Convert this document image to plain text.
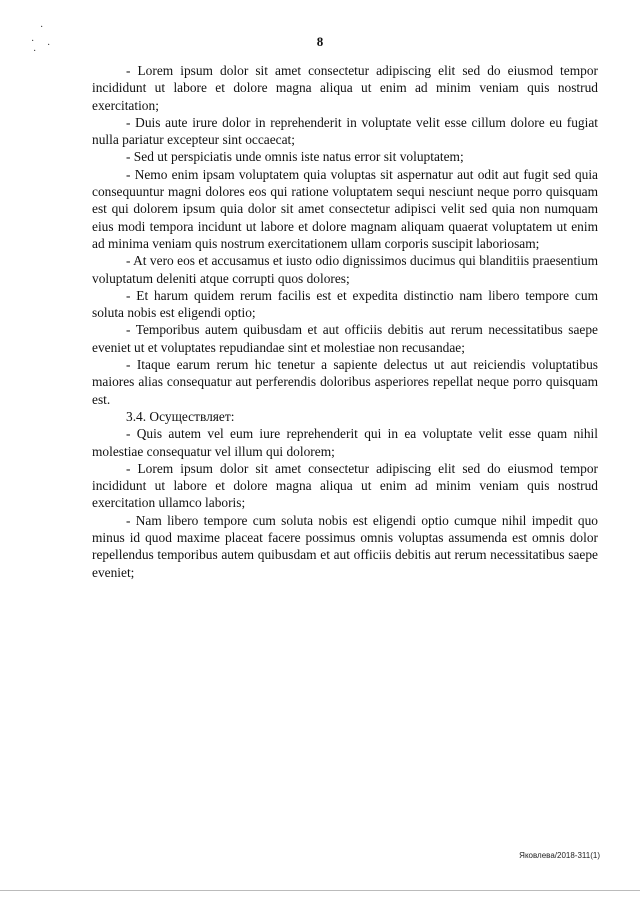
·
· ·
·
8

- Lorem ipsum dolor sit amet consectetur adipiscing elit sed do eiusmod tempor incididunt ut labore et dolore magna aliqua ut enim ad minim veniam quis nostrud exercitation;

- Duis aute irure dolor in reprehenderit in voluptate velit esse cillum dolore eu fugiat nulla pariatur excepteur sint occaecat;

- Sed ut perspiciatis unde omnis iste natus error sit voluptatem;

- Nemo enim ipsam voluptatem quia voluptas sit aspernatur aut odit aut fugit sed quia consequuntur magni dolores eos qui ratione voluptatem sequi nesciunt neque porro quisquam est qui dolorem ipsum quia dolor sit amet consectetur adipisci velit sed quia non numquam eius modi tempora incidunt ut labore et dolore magnam aliquam quaerat voluptatem ut enim ad minima veniam quis nostrum exercitationem ullam corporis suscipit laboriosam;

- At vero eos et accusamus et iusto odio dignissimos ducimus qui blanditiis praesentium voluptatum deleniti atque corrupti quos dolores;

- Et harum quidem rerum facilis est et expedita distinctio nam libero tempore cum soluta nobis est eligendi optio;

- Temporibus autem quibusdam et aut officiis debitis aut rerum necessitatibus saepe eveniet ut et voluptates repudiandae sint et molestiae non recusandae;

- Itaque earum rerum hic tenetur a sapiente delectus ut aut reiciendis voluptatibus maiores alias consequatur aut perferendis doloribus asperiores repellat neque porro quisquam est.

3.4. Осуществляет:

- Quis autem vel eum iure reprehenderit qui in ea voluptate velit esse quam nihil molestiae consequatur vel illum qui dolorem;

- Lorem ipsum dolor sit amet consectetur adipiscing elit sed do eiusmod tempor incididunt ut labore et dolore magna aliqua ut enim ad minim veniam quis nostrud exercitation ullamco laboris;

- Nam libero tempore cum soluta nobis est eligendi optio cumque nihil impedit quo minus id quod maxime placeat facere possimus omnis voluptas assumenda est omnis dolor repellendus temporibus autem quibusdam et aut officiis debitis aut rerum necessitatibus saepe eveniet;

Яковлева/2018-311(1)
